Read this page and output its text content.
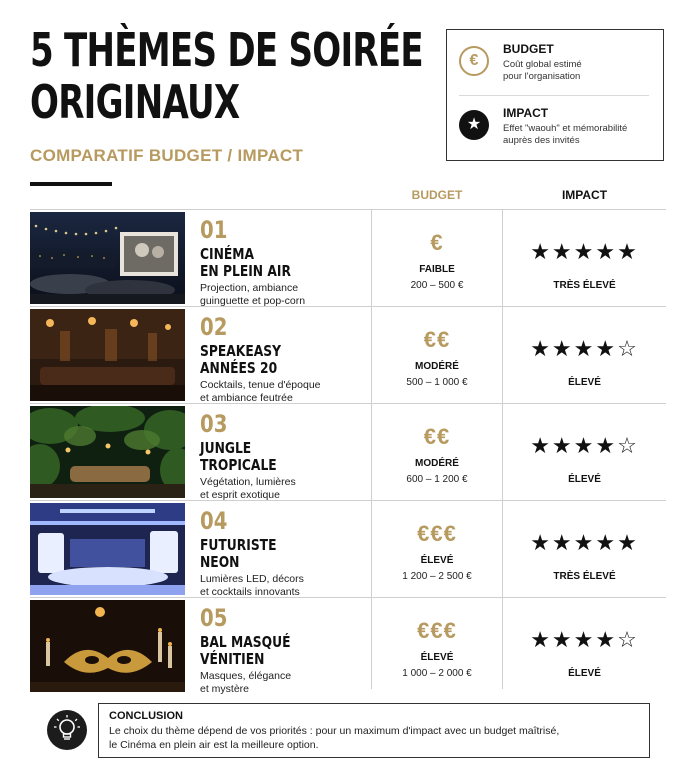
5 THÈMES DE SOIRÉE
ORIGINAUX
COMPARATIF BUDGET / IMPACT
€
BUDGET
Coût global estimé
pour l'organisation
★
IMPACT
Effet "waouh" et mémorabilité
auprès des invités
BUDGET	IMPACT
01
CINÉMA
EN PLEIN AIR
Projection, ambiance
guinguette et pop-corn
€
FAIBLE
200 – 500 €
★★★★★
TRÈS ÉLEVÉ
02
SPEAKEASY
ANNÉES 20
Cocktails, tenue d'époque
et ambiance feutrée
€€
MODÉRÉ
500 – 1 000 €
★★★★☆
ÉLEVÉ
03
JUNGLE
TROPICALE
Végétation, lumières
et esprit exotique
€€
MODÉRÉ
600 – 1 200 €
★★★★☆
ÉLEVÉ
04
FUTURISTE
NEON
Lumières LED, décors
et cocktails innovants
€€€
ÉLEVÉ
1 200 – 2 500 €
★★★★★
TRÈS ÉLEVÉ
05
BAL MASQUÉ
VÉNITIEN
Masques, élégance
et mystère
€€€
ÉLEVÉ
1 000 – 2 000 €
★★★★☆
ÉLEVÉ
CONCLUSION
Le choix du thème dépend de vos priorités : pour un maximum d'impact avec un budget maîtrisé,
le Cinéma en plein air est la meilleure option.
